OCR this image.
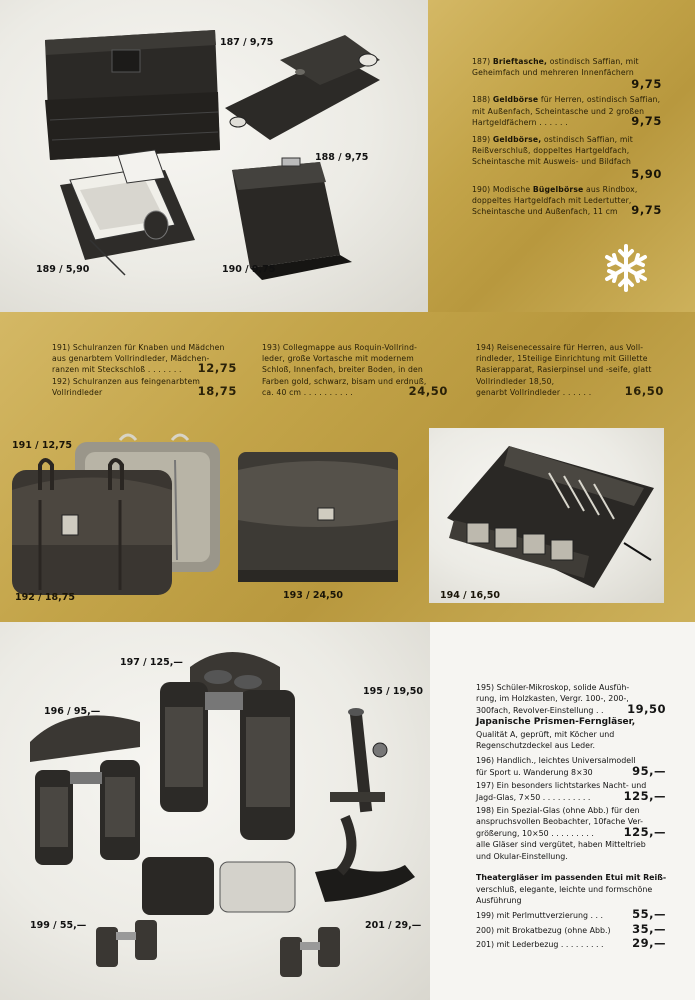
187 / 9,75
188 / 9,75
189 / 5,90	190 / 9,75
187) Brieftasche, ostindisch Saffian, mit Geheimfach und mehreren Innenfächern
9,75
188) Geldbörse für Herren, ostindisch Saffian, mit Außenfach, Scheintasche und 2 großen Hartgeldfächern . . . . . .	9,75
189) Geldbörse, ostindisch Saffian, mit Reißverschluß, doppeltes Hartgeldfach, Scheintasche mit Ausweis- und Bildfach
5,90
190) Modische Bügelbörse aus Rindbox, doppeltes Hartgeldfach mit Ledertutter, Scheintasche und Außenfach, 11 cm	9,75
191) Schulranzen für Knaben und Mädchen
aus genarbtem Vollrindleder, Mädchen-
ranzen mit Steckschloß . . . . . . . 12,75
192) Schulranzen aus feingenarbtem
Vollrindleder	18,75
193) Collegmappe aus Roquin-Vollrind-
leder, große Vortasche mit modernem
Schloß, Innenfach, breiter Boden, in den
Farben gold, schwarz, bisam und erdnuß,
ca. 40 cm . . . . . . . . . .	24,50
194) Reisenecessaire für Herren, aus Voll-
rindleder, 15teilige Einrichtung mit Gillette
Rasierapparat, Rasierpinsel und -seife, glatt
Vollrindleder 18,50,
genarbt Vollrindleder . . . . . .	16,50
191 / 12,75
192 / 18,75	193 / 24,50	194 / 16,50
197 / 125,—
195 / 19,50
196 / 95,—
199 / 55,—	201 / 29,—
195) Schüler-Mikroskop, solide Ausfüh-
rung, im Holzkasten, Vergr. 100-, 200-,
300fach, Revolver-Einstellung . . 19,50
Japanische Prismen-Ferngläser,
Qualität A, geprüft, mit Köcher und
Regenschutzdeckel aus Leder.
196) Handlich., leichtes Universalmodell
für Sport u. Wanderung 8×30	95,—
197) Ein besonders lichtstarkes Nacht- und
Jagd-Glas, 7×50 . . . . . . . . . .	125,—
198) Ein Spezial-Glas (ohne Abb.) für den
anspruchsvollen Beobachter, 10fache Ver-
größerung, 10×50 . . . . . . . . .	125,—
alle Gläser sind vergütet, haben Mitteltrieb
und Okular-Einstellung.
Theatergläser im passenden Etui mit Reiß-
verschluß, elegante, leichte und formschöne
Ausführung
199) mit Perlmuttverzierung . . .	55,—
200) mit Brokatbezug (ohne Abb.) 35,—
201) mit Lederbezug . . . . . . . . . 29,—
